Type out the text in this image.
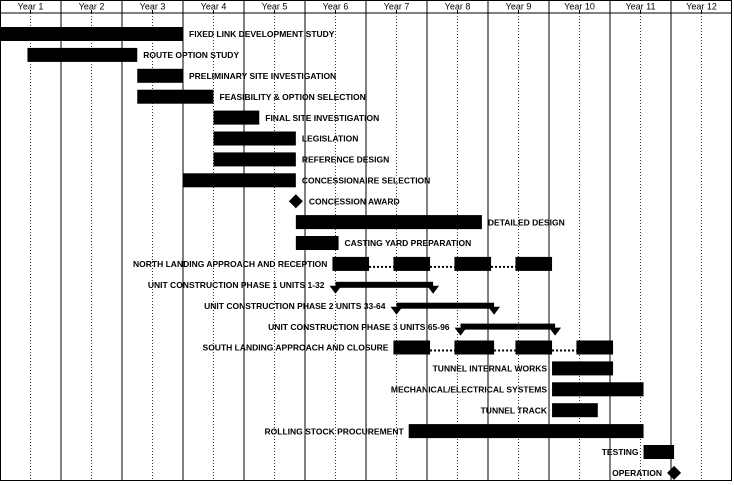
Year 1	Year 2	Year 3	Year 4	Year 5	Year 6	Year 7	Year 8	Year 9	Year 10	Year 11	Year 12
FIXED LINK DEVELOPMENT STUDY
ROUTE OPTION STUDY
PRELIMINARY SITE INVESTIGATION
FEASIBILITY & OPTION SELECTION
FINAL SITE INVESTIGATION
LEGISLATION
REFERENCE DESIGN
CONCESSIONAIRE SELECTION
CONCESSION AWARD
DETAILED DESIGN
CASTING YARD PREPARATION
NORTH LANDING APPROACH AND RECEPTION
UNIT CONSTRUCTION PHASE 1 UNITS 1-32
UNIT CONSTRUCTION PHASE 2 UNITS 33-64
UNIT CONSTRUCTION PHASE 3 UNITS 65-96
SOUTH LANDING APPROACH AND CLOSURE
TUNNEL INTERNAL WORKS
MECHANICAL/ELECTRICAL SYSTEMS
TUNNEL TRACK
ROLLING STOCK PROCUREMENT
TESTING
OPERATION
